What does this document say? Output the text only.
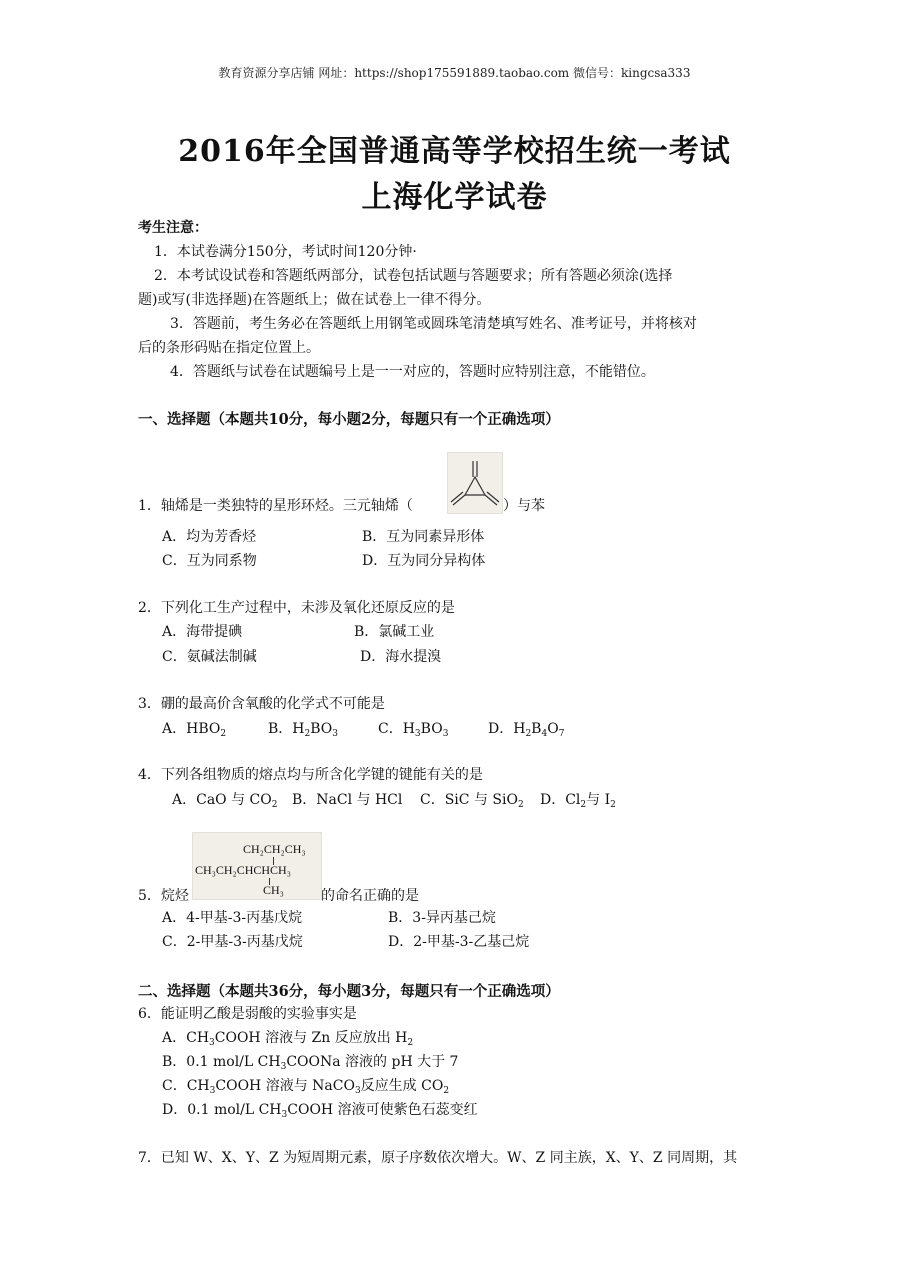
教育资源分享店铺 网址：https://shop175591889.taobao.com 微信号：kingcsa333
2016年全国普通高等学校招生统一考试
上海化学试卷
考生注意：
1．本试卷满分150分，考试时间120分钟·
2．本考试设试卷和答题纸两部分，试卷包括试题与答题要求；所有答题必须涂(选择
题)或写(非选择题)在答题纸上；做在试卷上一律不得分。
3．答题前，考生务必在答题纸上用钢笔或圆珠笔清楚填写姓名、准考证号，并将核对
后的条形码贴在指定位置上。
4．答题纸与试卷在试题编号上是一一对应的，答题时应特别注意，不能错位。
一、选择题（本题共10分，每小题2分，每题只有一个正确选项）
1．轴烯是一类独特的星形环烃。三元轴烯（	）与苯
A．均为芳香烃	B．互为同素异形体
C．互为同系物	D．互为同分异构体
2．下列化工生产过程中，未涉及氧化还原反应的是
A．海带提碘	B．氯碱工业
C．氨碱法制碱	D．海水提溴
3．硼的最高价含氧酸的化学式不可能是
A．$HBO_2$	B．$H_2BO_3$	C．$H_3BO_3$	D．$H_2B_4O_7$
4．下列各组物质的熔点均与所含化学键的键能有关的是
A．CaO 与 $CO_2$ B．NaCl 与 HCl C．SiC 与 SiO$_2$ D．$Cl_2$与 $I_2$
CH₂CH₂CH₃
CH₃CH₂CHCHCH₃
CH₃
5．烷烃	的命名正确的是
A．4-甲基-3-丙基戊烷	B．3-异丙基己烷
C．2-甲基-3-丙基戊烷	D．2-甲基-3-乙基己烷
二、选择题（本题共36分，每小题3分，每题只有一个正确选项）
6．能证明乙酸是弱酸的实验事实是
A．$CH_3COOH$ 溶液与 Zn 反应放出 $H_2$
B．0.1 mol/L $CH_3COONa$ 溶液的 pH 大于 7
C．$CH_3COOH$ 溶液与 NaCO$_3$反应生成 $CO_2$
D．0.1 mol/L $CH_3COOH$ 溶液可使紫色石蕊变红
7．已知 W、X、Y、Z 为短周期元素，原子序数依次增大。W、Z 同主族，X、Y、Z 同周期，其
